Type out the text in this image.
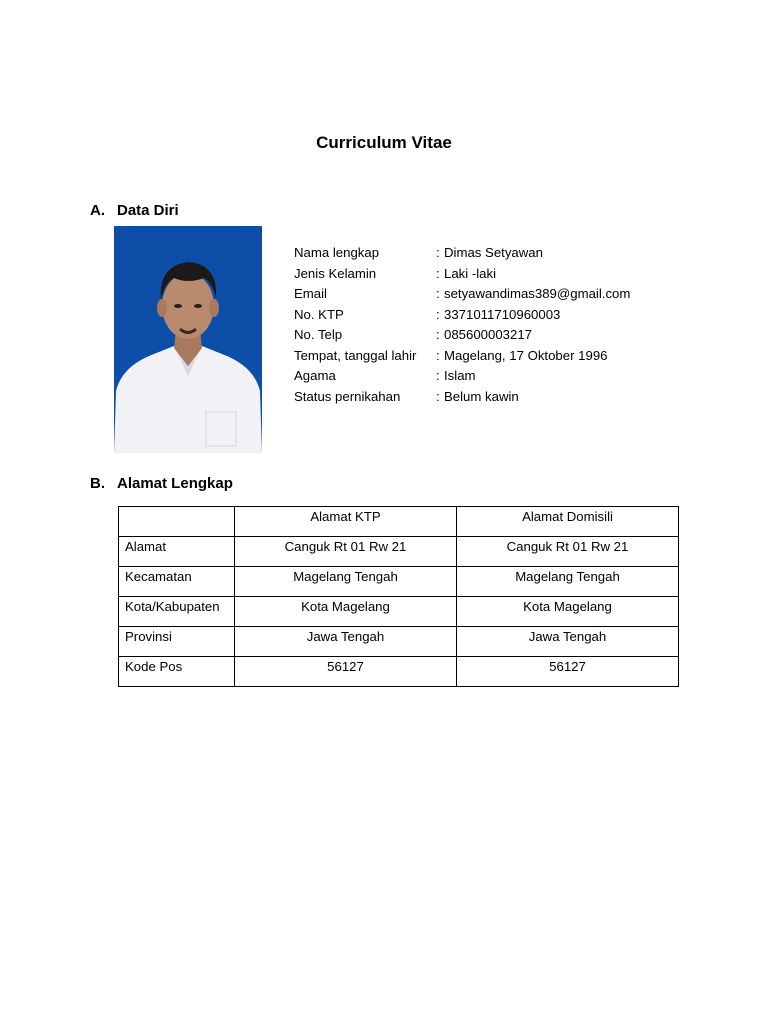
Curriculum Vitae
A. Data Diri
Nama lengkap	: Dimas Setyawan
Jenis Kelamin	: Laki -laki
Email	: setyawandimas389@gmail.com
No. KTP	: 3371011710960003
No. Telp	: 085600003217
Tempat, tanggal lahir	: Magelang, 17 Oktober 1996
Agama	: Islam
Status pernikahan	: Belum kawin
B. Alamat Lengkap
	Alamat KTP	Alamat Domisili
Alamat	Canguk Rt 01 Rw 21	Canguk Rt 01 Rw 21
Kecamatan	Magelang Tengah	Magelang Tengah
Kota/Kabupaten	Kota Magelang	Kota Magelang
Provinsi	Jawa Tengah	Jawa Tengah
Kode Pos	56127	56127
